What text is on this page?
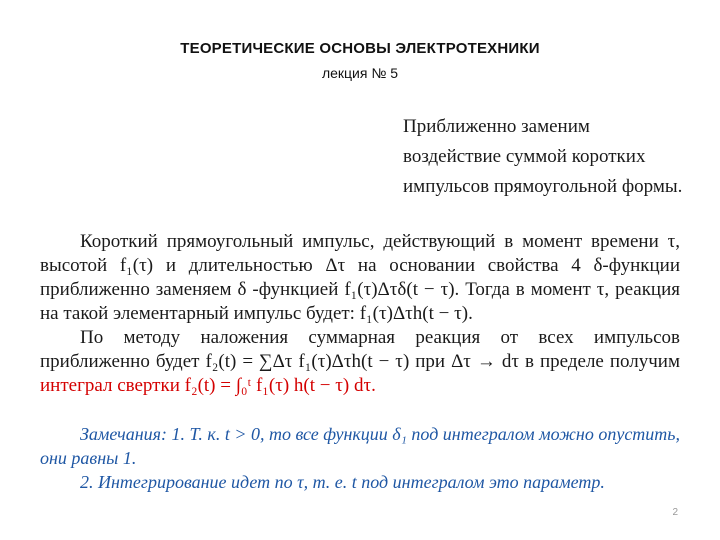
ТЕОРЕТИЧЕСКИЕ ОСНОВЫ ЭЛЕКТРОТЕХНИКИ
лекция № 5
Приближенно заменим воздействие суммой коротких импульсов прямоугольной формы.

Короткий прямоугольный импульс, действующий в момент времени τ, высотой f₁(τ) и длительностью Δτ на основании свойства 4 δ-функции приближенно заменяем δ -функцией f₁(τ)Δτδ(t − τ). Тогда в момент τ, реакция на такой элементарный импульс будет: f₁(τ)Δτh(t − τ).

По методу наложения суммарная реакция от всех импульсов приближенно будет f₂(t) = ∑Δτ f₁(τ)Δτh(t − τ) при Δτ → dτ в пределе получим интеграл свертки f₂(t) = ∫₀ᵗ f₁(τ) h(t − τ) dτ.

Замечания: 1. Т. к. t > 0, то все функции δ₁ под интегралом можно опустить, они равны 1.

2. Интегрирование идет по τ, т. е. t под интегралом это параметр.

2
